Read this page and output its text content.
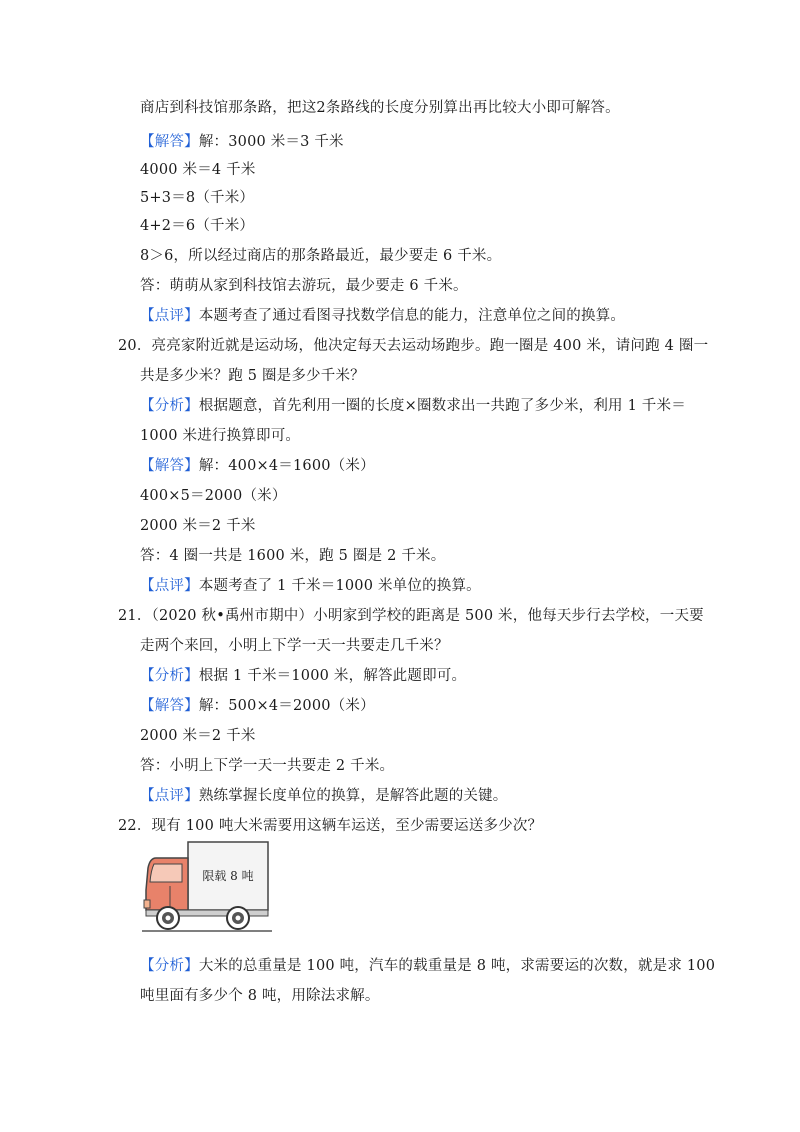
商店到科技馆那条路，把这2条路线的长度分别算出再比较大小即可解答。
【解答】解：3000 米＝3 千米
4000 米＝4 千米
5+3＝8（千米）
4+2＝6（千米）
8＞6，所以经过商店的那条路最近，最少要走 6 千米。
答：萌萌从家到科技馆去游玩，最少要走 6 千米。
【点评】本题考查了通过看图寻找数学信息的能力，注意单位之间的换算。
20．亮亮家附近就是运动场，他决定每天去运动场跑步。跑一圈是 400 米，请问跑 4 圈一
共是多少米？跑 5 圈是多少千米？
【分析】根据题意，首先利用一圈的长度×圈数求出一共跑了多少米，利用 1 千米＝
1000 米进行换算即可。
【解答】解：400×4＝1600（米）
400×5＝2000（米）
2000 米＝2 千米
答：4 圈一共是 1600 米，跑 5 圈是 2 千米。
【点评】本题考查了 1 千米＝1000 米单位的换算。
21．（2020 秋•禹州市期中）小明家到学校的距离是 500 米，他每天步行去学校，一天要
走两个来回，小明上下学一天一共要走几千米？
【分析】根据 1 千米＝1000 米，解答此题即可。
【解答】解：500×4＝2000（米）
2000 米＝2 千米
答：小明上下学一天一共要走 2 千米。
【点评】熟练掌握长度单位的换算，是解答此题的关键。
22．现有 100 吨大米需要用这辆车运送，至少需要运送多少次？
限载 8 吨
【分析】大米的总重量是 100 吨，汽车的载重量是 8 吨，求需要运的次数，就是求 100
吨里面有多少个 8 吨，用除法求解。
